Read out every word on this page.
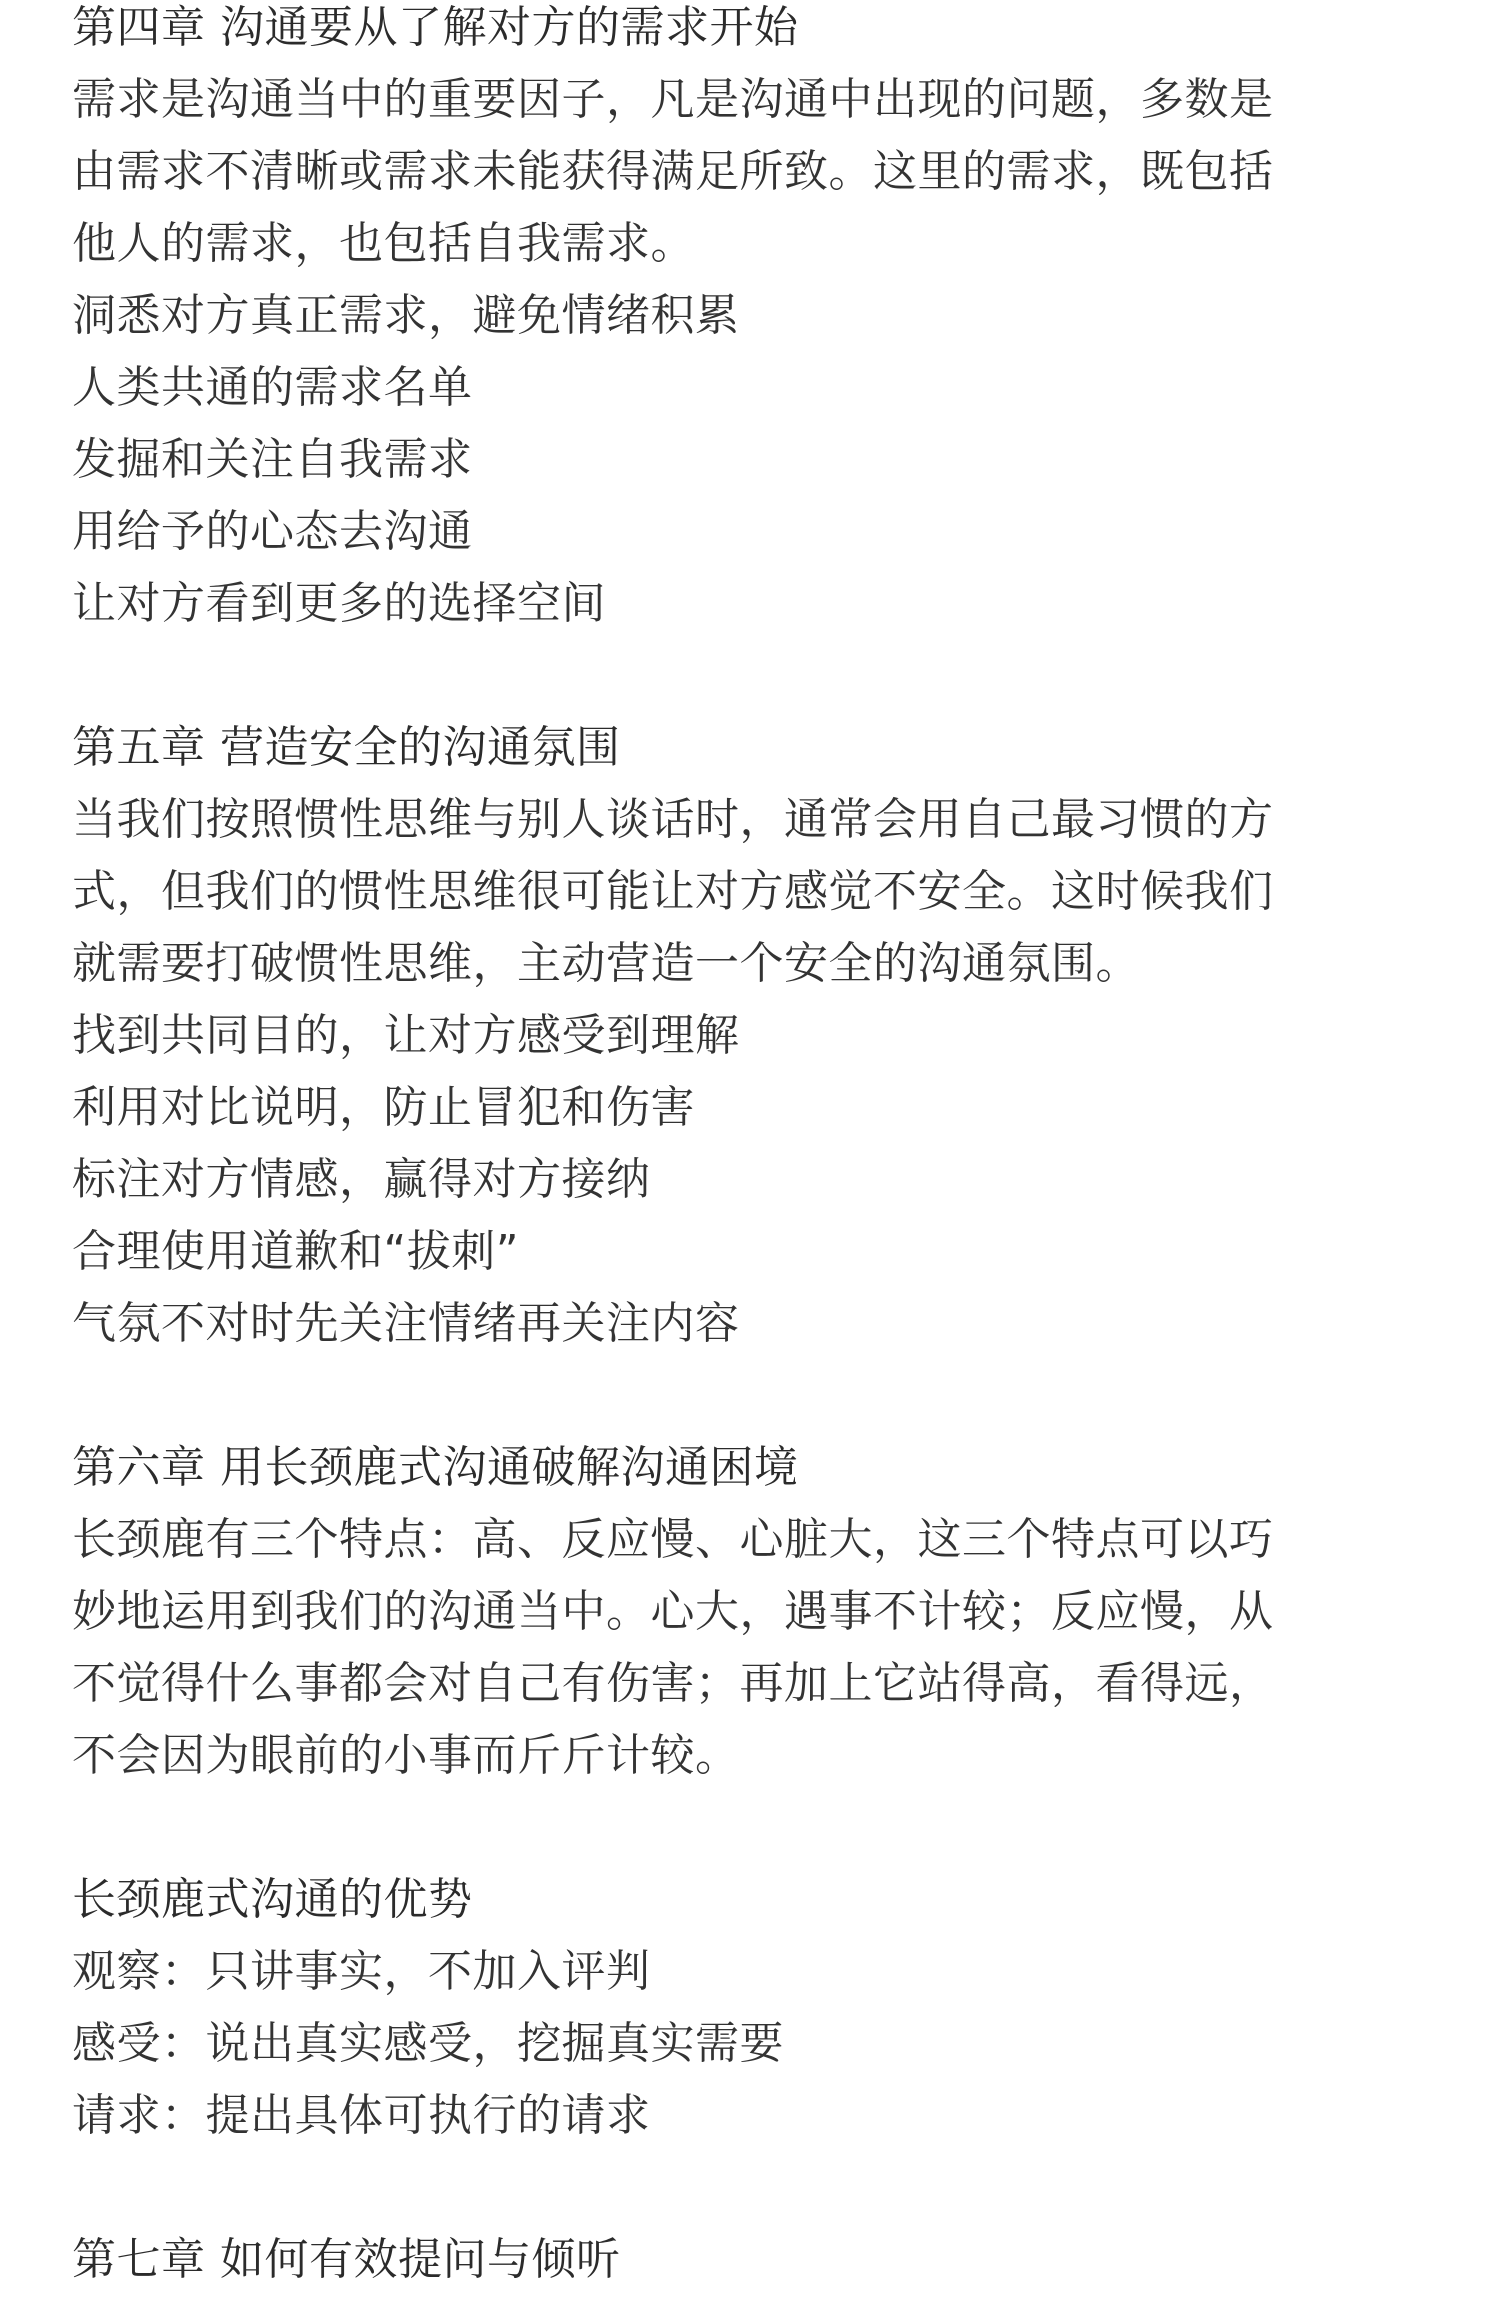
第四章 沟通要从了解对方的需求开始
需求是沟通当中的重要因子，凡是沟通中出现的问题，多数是
由需求不清晰或需求未能获得满足所致。这里的需求，既包括
他人的需求，也包括自我需求。
洞悉对方真正需求，避免情绪积累
人类共通的需求名单
发掘和关注自我需求
用给予的心态去沟通
让对方看到更多的选择空间
第五章 营造安全的沟通氛围
当我们按照惯性思维与别人谈话时，通常会用自己最习惯的方
式，但我们的惯性思维很可能让对方感觉不安全。这时候我们
就需要打破惯性思维，主动营造一个安全的沟通氛围。
找到共同目的，让对方感受到理解
利用对比说明，防止冒犯和伤害
标注对方情感，赢得对方接纳
合理使用道歉和“拔刺”
气氛不对时先关注情绪再关注内容
第六章 用长颈鹿式沟通破解沟通困境
长颈鹿有三个特点：高、反应慢、心脏大，这三个特点可以巧
妙地运用到我们的沟通当中。心大，遇事不计较；反应慢，从
不觉得什么事都会对自己有伤害；再加上它站得高，看得远，
不会因为眼前的小事而斤斤计较。
长颈鹿式沟通的优势
观察：只讲事实，不加入评判
感受：说出真实感受，挖掘真实需要
请求：提出具体可执行的请求
第七章 如何有效提问与倾听
